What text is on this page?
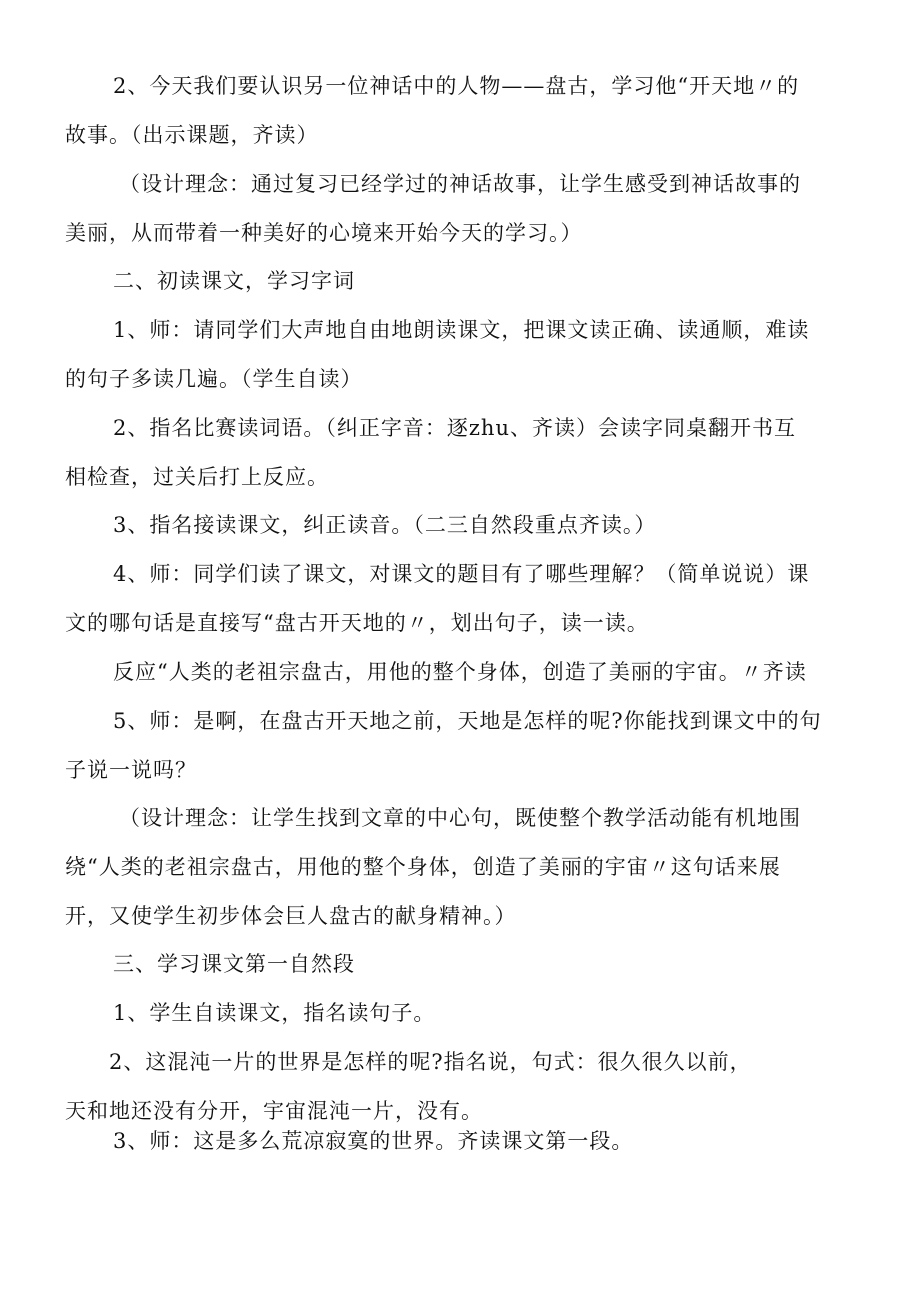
2、今天我们要认识另一位神话中的人物——盘古，学习他“开天地〃的
故事。（出示课题，齐读）
（设计理念：通过复习已经学过的神话故事，让学生感受到神话故事的
美丽，从而带着一种美好的心境来开始今天的学习。）
二、初读课文，学习字词
1、师：请同学们大声地自由地朗读课文，把课文读正确、读通顺，难读
的句子多读几遍。（学生自读）
2、指名比赛读词语。（纠正字音：逐zhu、齐读）会读字同桌翻开书互
相检查，过关后打上反应。
3、指名接读课文，纠正读音。（二三自然段重点齐读。）
4、师：同学们读了课文，对课文的题目有了哪些理解？（简单说说）课
文的哪句话是直接写“盘古开天地的〃，划出句子，读一读。
反应“人类的老祖宗盘古，用他的整个身体，创造了美丽的宇宙。〃齐读
5、师：是啊，在盘古开天地之前，天地是怎样的呢?你能找到课文中的句
子说一说吗？
（设计理念：让学生找到文章的中心句，既使整个教学活动能有机地围
绕“人类的老祖宗盘古，用他的整个身体，创造了美丽的宇宙〃这句话来展
开，又使学生初步体会巨人盘古的献身精神。）
三、学习课文第一自然段
1、学生自读课文，指名读句子。
2、这混沌一片的世界是怎样的呢?指名说，句式：很久很久以前，
天和地还没有分开，宇宙混沌一片，没有。
3、师：这是多么荒凉寂寞的世界。齐读课文第一段。
